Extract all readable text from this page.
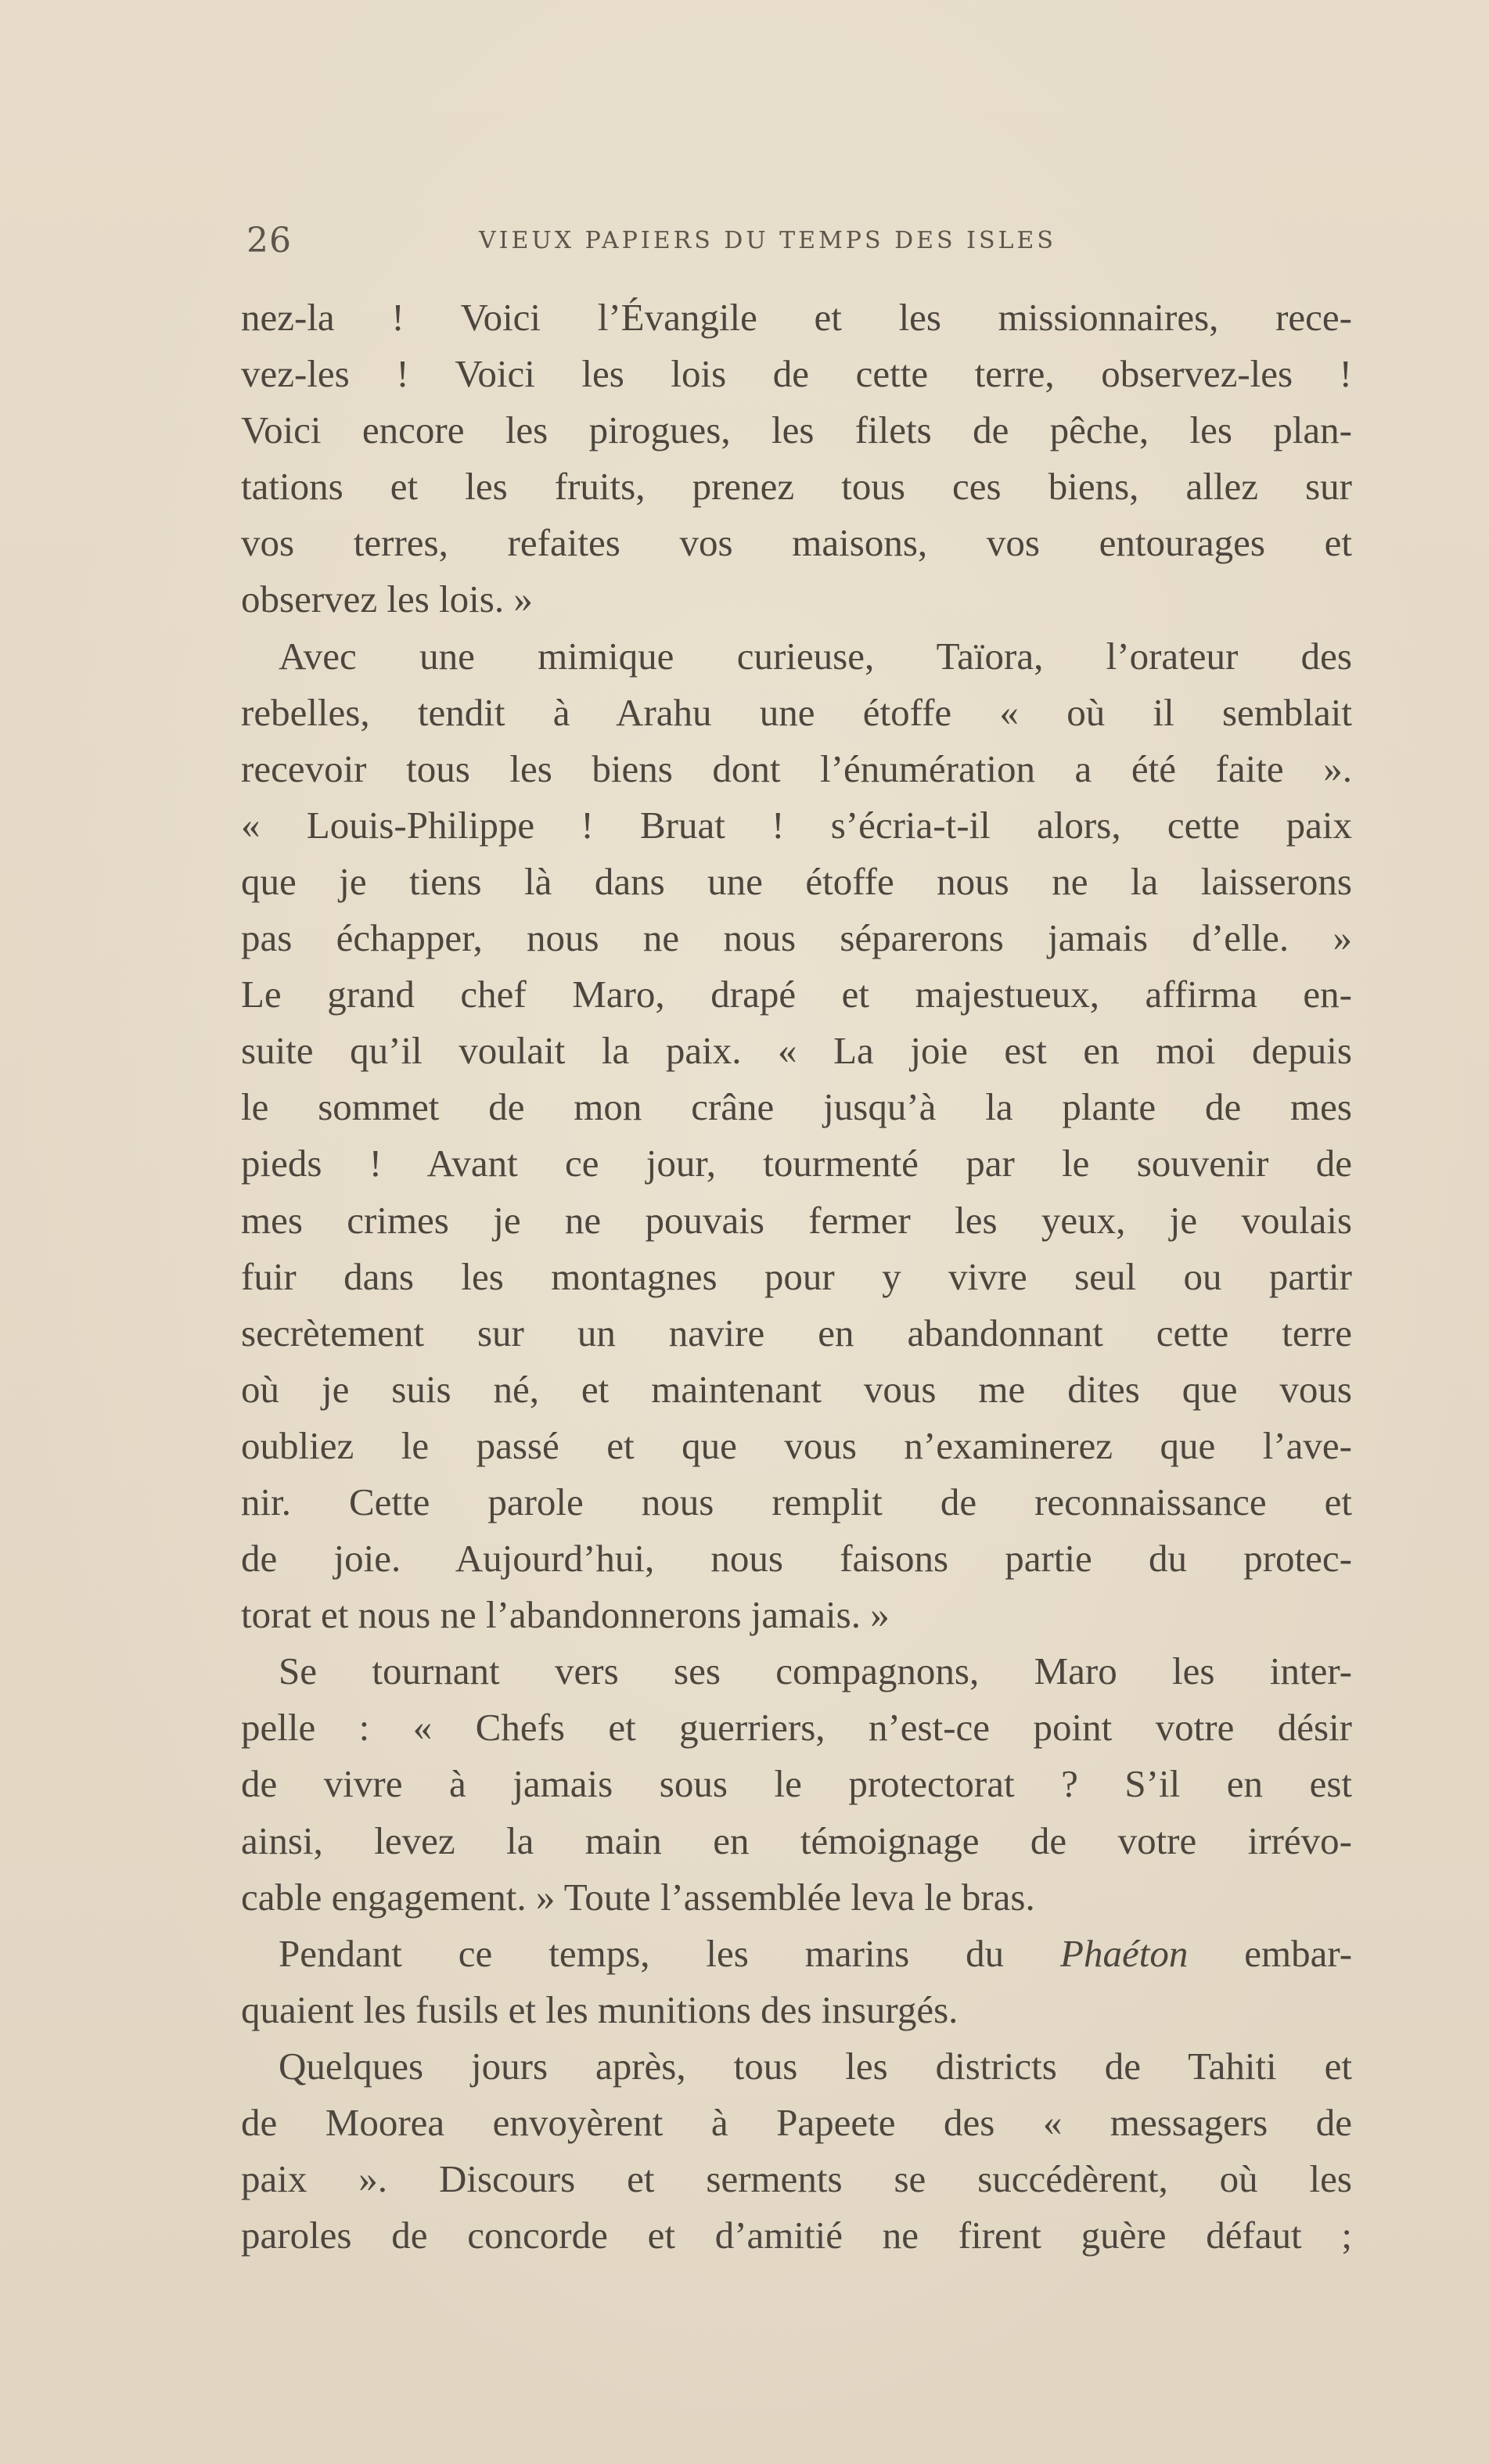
26	VIEUX PAPIERS DU TEMPS DES ISLES
nez-la ! Voici l’Évangile et les missionnaires, rece-
vez-les ! Voici les lois de cette terre, observez-les !
Voici encore les pirogues, les filets de pêche, les plan-
tations et les fruits, prenez tous ces biens, allez sur
vos terres, refaites vos maisons, vos entourages et
observez les lois. »
Avec une mimique curieuse, Taïora, l’orateur des
rebelles, tendit à Arahu une étoffe « où il semblait
recevoir tous les biens dont l’énumération a été faite ».
« Louis-Philippe ! Bruat ! s’écria-t-il alors, cette paix
que je tiens là dans une étoffe nous ne la laisserons
pas échapper, nous ne nous séparerons jamais d’elle. »
Le grand chef Maro, drapé et majestueux, affirma en-
suite qu’il voulait la paix. « La joie est en moi depuis
le sommet de mon crâne jusqu’à la plante de mes
pieds ! Avant ce jour, tourmenté par le souvenir de
mes crimes je ne pouvais fermer les yeux, je voulais
fuir dans les montagnes pour y vivre seul ou partir
secrètement sur un navire en abandonnant cette terre
où je suis né, et maintenant vous me dites que vous
oubliez le passé et que vous n’examinerez que l’ave-
nir. Cette parole nous remplit de reconnaissance et
de joie. Aujourd’hui, nous faisons partie du protec-
torat et nous ne l’abandonnerons jamais. »
Se tournant vers ses compagnons, Maro les inter-
pelle : « Chefs et guerriers, n’est-ce point votre désir
de vivre à jamais sous le protectorat ? S’il en est
ainsi, levez la main en témoignage de votre irrévo-
cable engagement. » Toute l’assemblée leva le bras.
Pendant ce temps, les marins du Phaéton embar-
quaient les fusils et les munitions des insurgés.
Quelques jours après, tous les districts de Tahiti et
de Moorea envoyèrent à Papeete des « messagers de
paix ». Discours et serments se succédèrent, où les
paroles de concorde et d’amitié ne firent guère défaut ;
